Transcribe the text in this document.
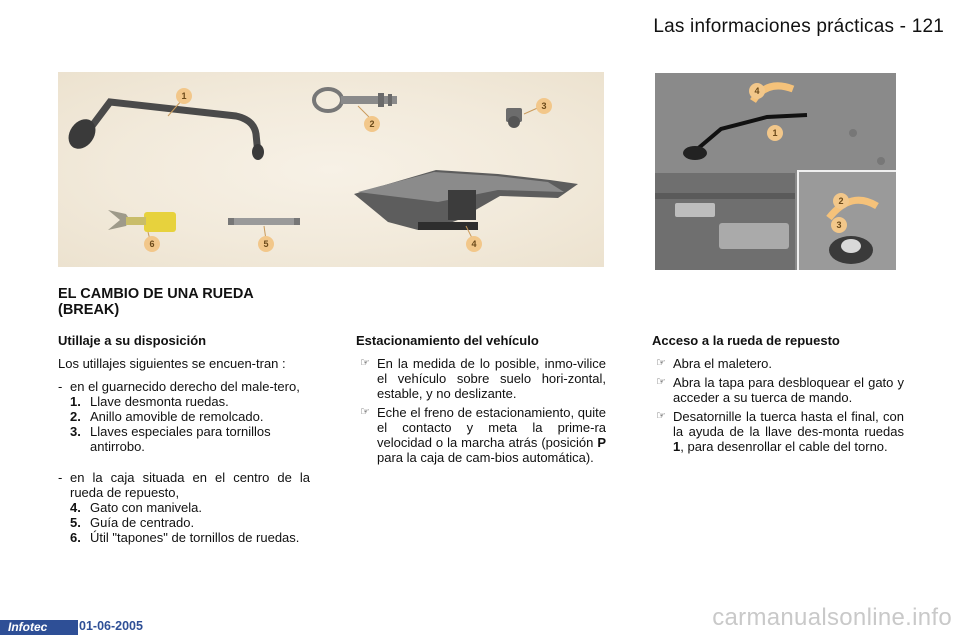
Las informaciones prácticas - 121
1
2
3
4
5
6
4
1
2
3
EL CAMBIO DE UNA RUEDA (BREAK)
Utillaje a su disposición
Los utillajes siguientes se encuen-tran :
- en el guarnecido derecho del male-tero,
1. Llave desmonta ruedas.
2. Anillo amovible de remolcado.
3. Llaves especiales para tornillos antirrobo.
- en la caja situada en el centro de la rueda de repuesto,
4. Gato con manivela.
5. Guía de centrado.
6. Útil "tapones" de tornillos de ruedas.
Estacionamiento del vehículo
☞ En la medida de lo posible, inmo-vilice el vehículo sobre suelo hori-zontal, estable, y no deslizante.
☞ Eche el freno de estacionamiento, quite el contacto y meta la prime-ra velocidad o la marcha atrás (posición P para la caja de cam-bios automática).
Acceso a la rueda de repuesto
☞ Abra el maletero.
☞ Abra la tapa para desbloquear el gato y acceder a su tuerca de mando.
☞ Desatornille la tuerca hasta el final, con la ayuda de la llave des-monta ruedas 1, para desenrollar el cable del torno.
Infotec	01-06-2005	carmanualsonline.info
